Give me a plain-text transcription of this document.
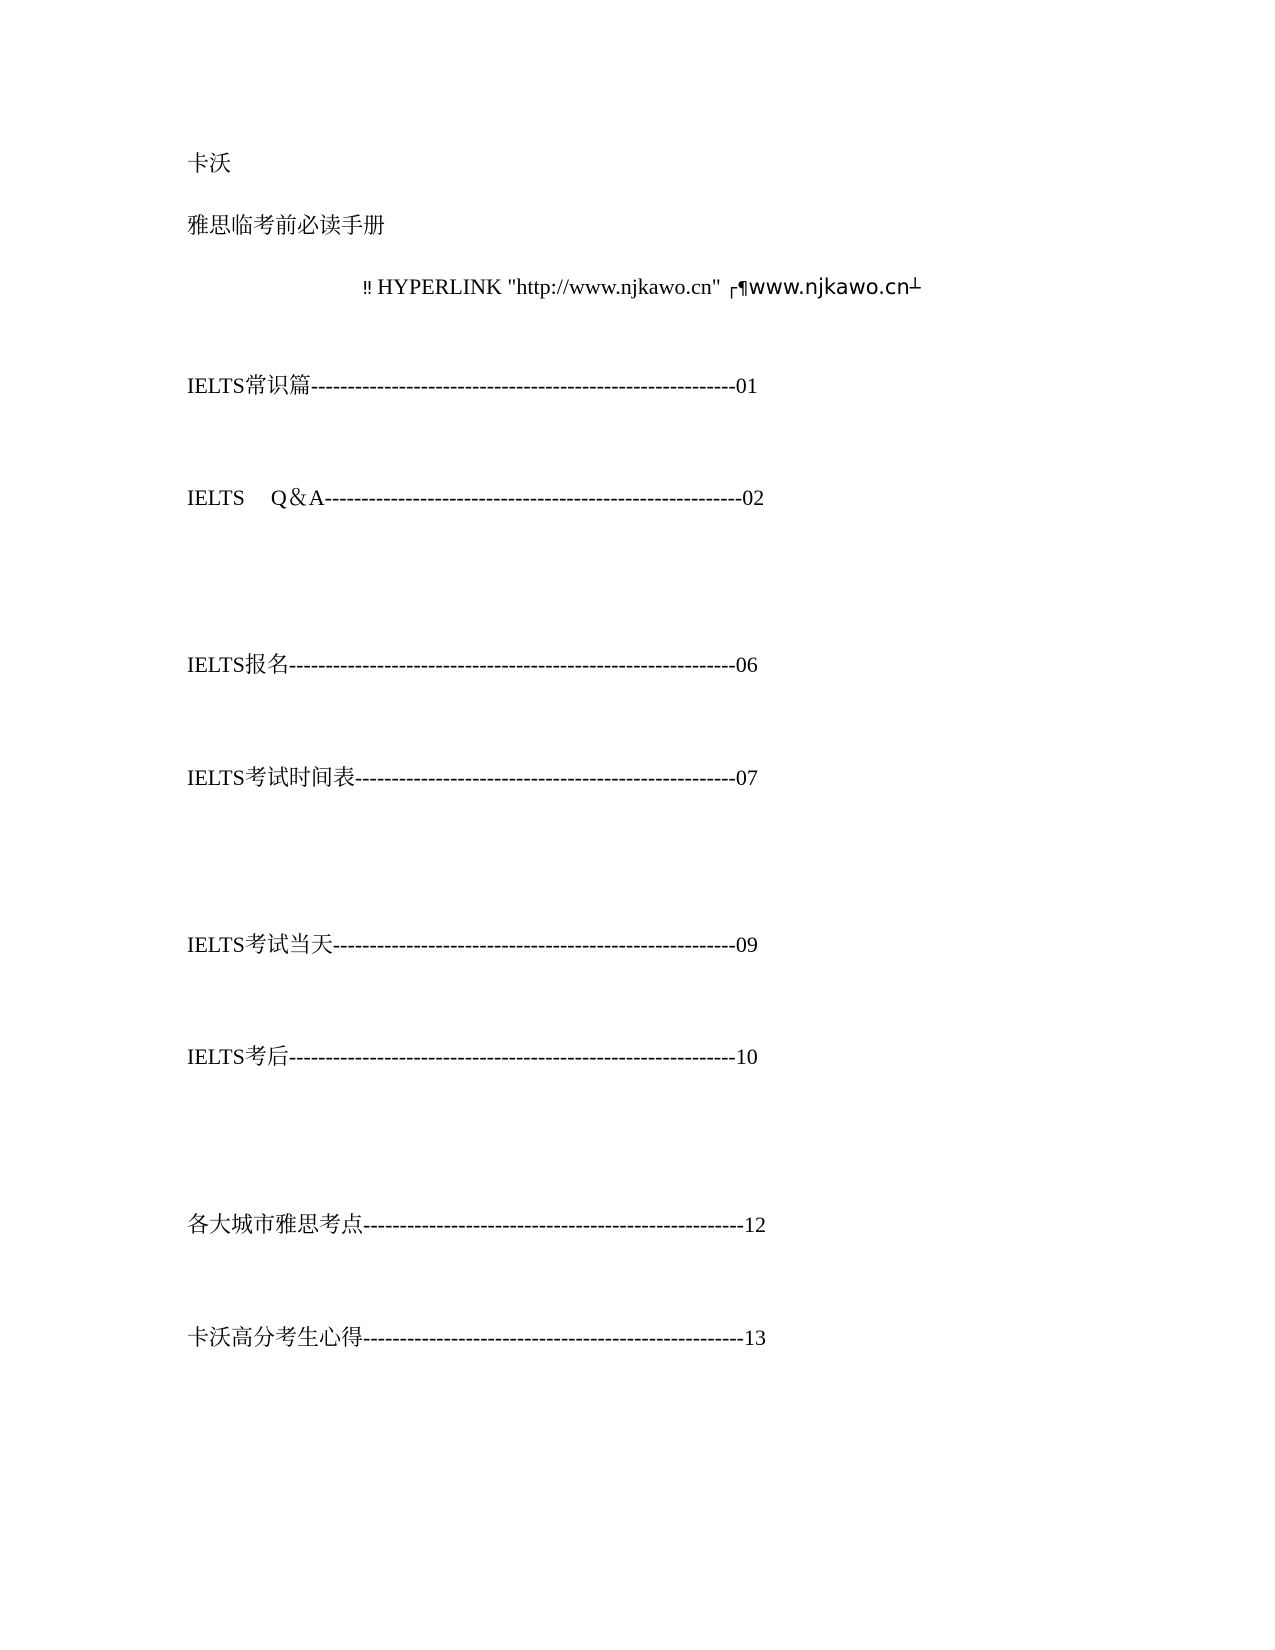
卡沃
雅思临考前必读手册
‼ HYPERLINK "http://www.njkawo.cn" ┌¶www.njkawo.cn┴
IELTS常识篇----------------------------------------------------------01
IELTS Q＆A---------------------------------------------------------02
IELTS报名-------------------------------------------------------------06
IELTS考试时间表----------------------------------------------------07
IELTS考试当天-------------------------------------------------------09
IELTS考后-------------------------------------------------------------10
各大城市雅思考点----------------------------------------------------12
卡沃高分考生心得----------------------------------------------------13
